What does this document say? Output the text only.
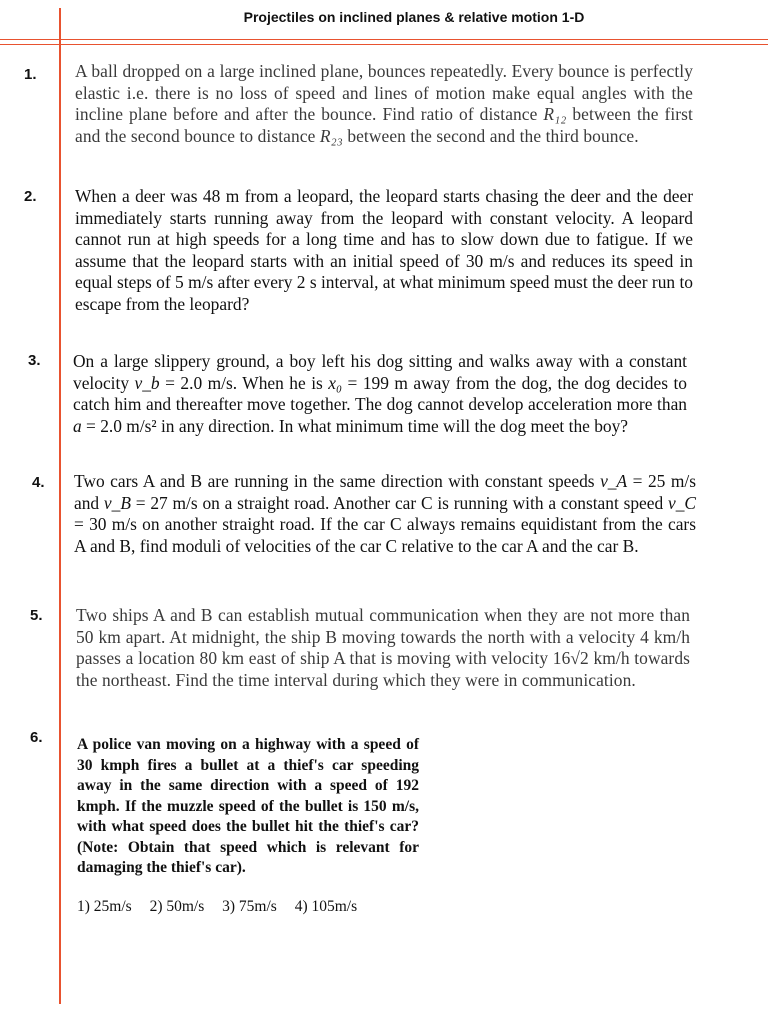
Projectiles on inclined planes & relative motion 1-D
1. A ball dropped on a large inclined plane, bounces repeatedly. Every bounce is perfectly elastic i.e. there is no loss of speed and lines of motion make equal angles with the incline plane before and after the bounce. Find ratio of distance R₁₂ between the first and the second bounce to distance R₂₃ between the second and the third bounce.

2. When a deer was 48 m from a leopard, the leopard starts chasing the deer and the deer immediately starts running away from the leopard with constant velocity. A leopard cannot run at high speeds for a long time and has to slow down due to fatigue. If we assume that the leopard starts with an initial speed of 30 m/s and reduces its speed in equal steps of 5 m/s after every 2 s interval, at what minimum speed must the deer run to escape from the leopard?

3. On a large slippery ground, a boy left his dog sitting and walks away with a constant velocity v_b = 2.0 m/s. When he is x₀ = 199 m away from the dog, the dog decides to catch him and thereafter move together. The dog cannot develop acceleration more than a = 2.0 m/s² in any direction. In what minimum time will the dog meet the boy?

4. Two cars A and B are running in the same direction with constant speeds v_A = 25 m/s and v_B = 27 m/s on a straight road. Another car C is running with a constant speed v_C = 30 m/s on another straight road. If the car C always remains equidistant from the cars A and B, find moduli of velocities of the car C relative to the car A and the car B.

5. Two ships A and B can establish mutual communication when they are not more than 50 km apart. At midnight, the ship B moving towards the north with a velocity 4 km/h passes a location 80 km east of ship A that is moving with velocity 16√2 km/h towards the northeast. Find the time interval during which they were in communication.

6. A police van moving on a highway with a speed of 30 kmph fires a bullet at a thief's car speeding away in the same direction with a speed of 192 kmph. If the muzzle speed of the bullet is 150 m/s, with what speed does the bullet hit the thief's car? (Note: Obtain that speed which is relevant for damaging the thief's car).

1) 25m/s 2) 50m/s 3) 75m/s 4) 105m/s
